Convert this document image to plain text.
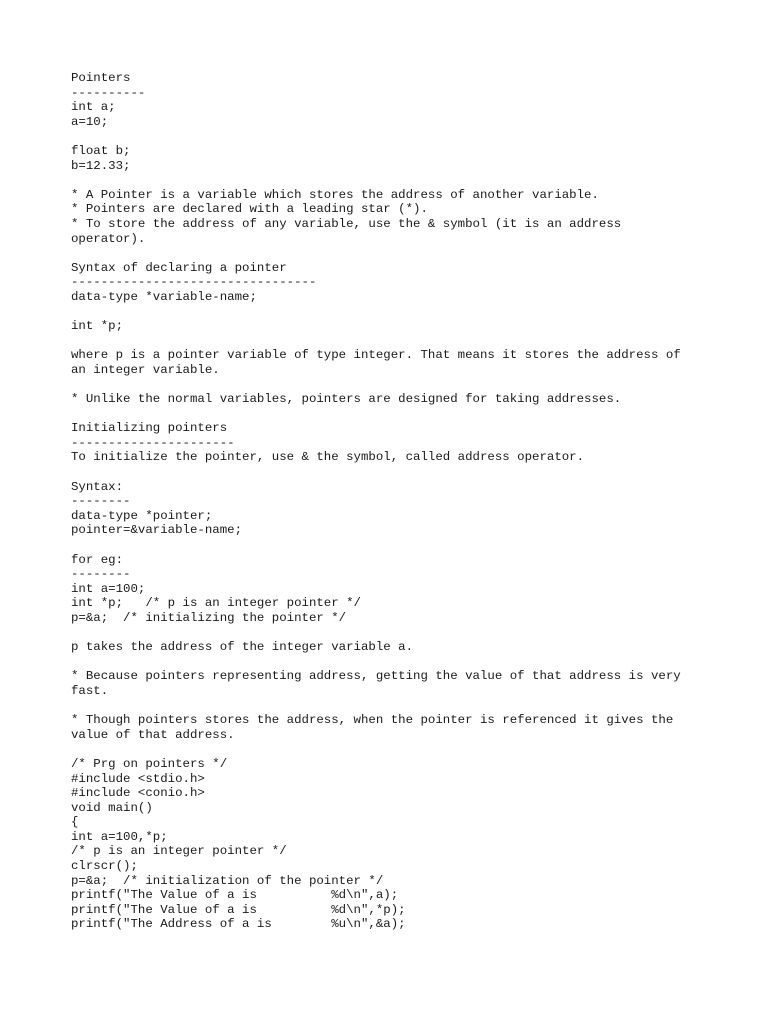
Pointers
----------
int a;
a=10;
float b;
b=12.33;
* A Pointer is a variable which stores the address of another variable.
* Pointers are declared with a leading star (*).
* To store the address of any variable, use the & symbol (it is an address
operator).
Syntax of declaring a pointer
---------------------------------
data-type *variable-name;
int *p;
where p is a pointer variable of type integer. That means it stores the address of
an integer variable.
* Unlike the normal variables, pointers are designed for taking addresses.
Initializing pointers
----------------------
To initialize the pointer, use & the symbol, called address operator.
Syntax:
--------
data-type *pointer;
pointer=&variable-name;
for eg:
--------
int a=100;
int *p;   /* p is an integer pointer */
p=&a;  /* initializing the pointer */
p takes the address of the integer variable a.
* Because pointers representing address, getting the value of that address is very
fast.
* Though pointers stores the address, when the pointer is referenced it gives the
value of that address.
/* Prg on pointers */
#include <stdio.h>
#include <conio.h>
void main()
{
int a=100,*p;
/* p is an integer pointer */
clrscr();
p=&a;  /* initialization of the pointer */
printf("The Value of a is          %d\n",a);
printf("The Value of a is          %d\n",*p);
printf("The Address of a is        %u\n",&a);
